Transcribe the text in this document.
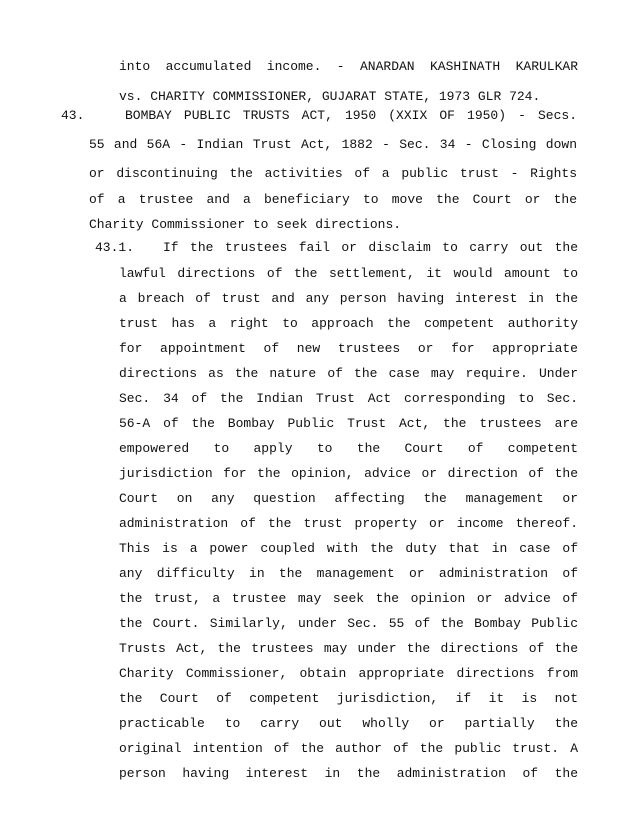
into accumulated income. - ANARDAN KASHINATH KARULKAR
vs. CHARITY COMMISSIONER, GUJARAT STATE, 1973 GLR 724.
43.	BOMBAY PUBLIC TRUSTS ACT, 1950 (XXIX OF 1950) - Secs.
55 and 56A - Indian Trust Act, 1882 - Sec. 34 - Closing down
or discontinuing the activities of a public trust - Rights
of a trustee and a beneficiary to move the Court or the
Charity Commissioner to seek directions.
43.1. If the trustees fail or disclaim to carry out the
lawful directions of the settlement, it would amount to
a breach of trust and any person having interest in the
trust has a right to approach the competent authority
for appointment of new trustees or for appropriate
directions as the nature of the case may require. Under
Sec. 34 of the Indian Trust Act corresponding to Sec.
56-A of the Bombay Public Trust Act, the trustees are
empowered to apply to the Court of competent
jurisdiction for the opinion, advice or direction of the
Court on any question affecting the management or
administration of the trust property or income thereof.
This is a power coupled with the duty that in case of
any difficulty in the management or administration of
the trust, a trustee may seek the opinion or advice of
the Court. Similarly, under Sec. 55 of the Bombay Public
Trusts Act, the trustees may under the directions of the
Charity Commissioner, obtain appropriate directions from
the Court of competent jurisdiction, if it is not
practicable to carry out wholly or partially the
original intention of the author of the public trust. A
person having interest in the administration of the
